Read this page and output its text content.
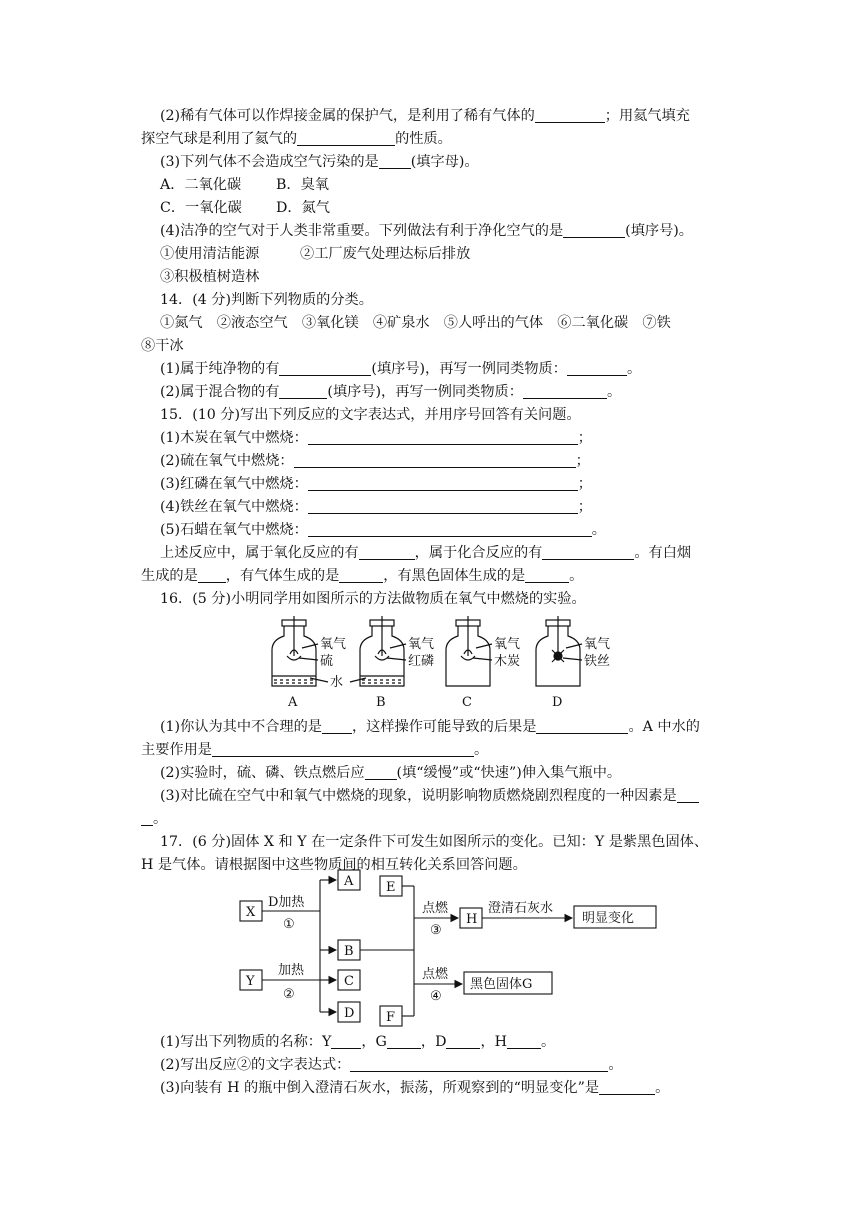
(2)稀有气体可以作焊接金属的保护气，是利用了稀有气体的	；用氦气填充
探空气球是利用了氦气的	的性质。
(3)下列气体不会造成空气污染的是 (填字母)。
A．二氧化碳 B．臭氧
C．一氧化碳 D．氮气
(4)洁净的空气对于人类非常重要。下列做法有利于净化空气的是	(填序号)。
①使用清洁能源	②工厂废气处理达标后排放
③积极植树造林
14．(4 分)判断下列物质的分类。
①氮气　②液态空气　③氧化镁　④矿泉水　⑤人呼出的气体　⑥二氧化碳　⑦铁
⑧干冰
(1)属于纯净物的有	(填序号)，再写一例同类物质：	。
(2)属于混合物的有	(填序号)，再写一例同类物质：	。
15．(10 分)写出下列反应的文字表达式，并用序号回答有关问题。
(1)木炭在氧气中燃烧：	；
(2)硫在氧气中燃烧：	；
(3)红磷在氧气中燃烧：	；
(4)铁丝在氧气中燃烧：	；
(5)石蜡在氧气中燃烧：	。
上述反应中，属于氧化反应的有	，属于化合反应的有	。有白烟
生成的是 ，有气体生成的是	，有黑色固体生成的是	。
16．(5 分)小明同学用如图所示的方法做物质在氧气中燃烧的实验。
氧气
硫
A
氧气
红磷
B
氧气
木炭
C
氧气
铁丝
D
水
(1)你认为其中不合理的是 ，这样操作可能导致的后果是	。A 中水的
主要作用是	。
(2)实验时，硫、磷、铁点燃后应 (填“缓慢”或“快速”)伸入集气瓶中。
(3)对比硫在空气中和氧气中燃烧的现象，说明影响物质燃烧剧烈程度的一种因素是
。
17．(6 分)固体 X 和 Y 在一定条件下可发生如图所示的变化。已知：Y 是紫黑色固体、
H 是气体。请根据图中这些物质间的相互转化关系回答问题。
X
D加热
①
A
B
E
点燃
③
H
澄清石灰水
明显变化
Y
加热
②
C
D F
点燃
④
黑色固体G
(1)写出下列物质的名称：Y ，G ，D ，H 。
(2)写出反应②的文字表达式：	。
(3)向装有 H 的瓶中倒入澄清石灰水，振荡，所观察到的“明显变化”是	。
